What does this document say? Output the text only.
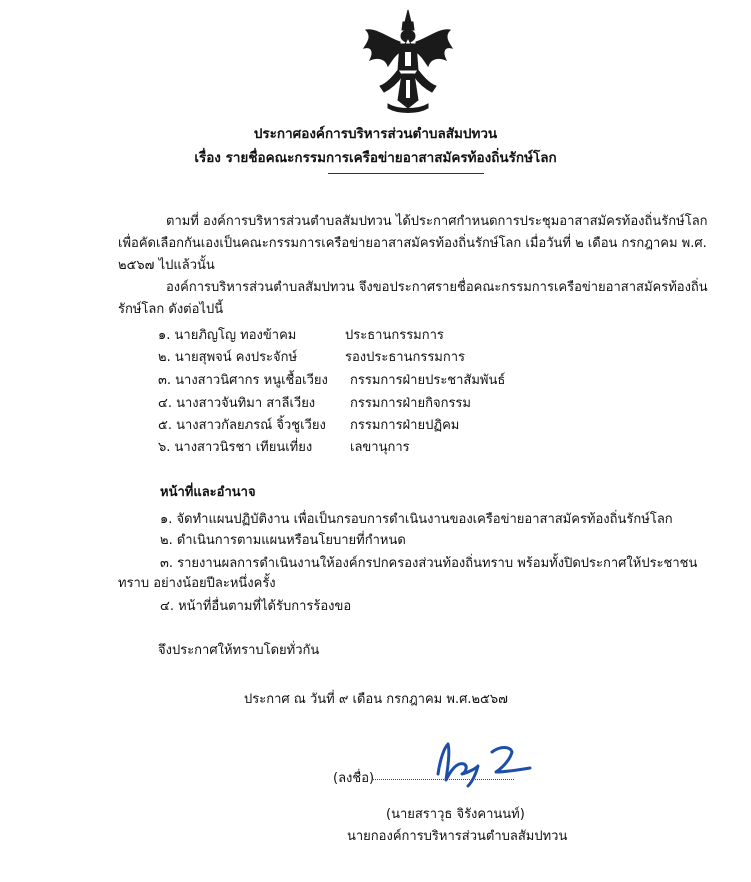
ประกาศองค์การบริหารส่วนตำบลสัมปทวน
เรื่อง รายชื่อคณะกรรมการเครือข่ายอาสาสมัครท้องถิ่นรักษ์โลก
ตามที่ องค์การบริหารส่วนตำบลสัมปทวน ได้ประกาศกำหนดการประชุมอาสาสมัครท้องถิ่นรักษ์โลก
เพื่อคัดเลือกกันเองเป็นคณะกรรมการเครือข่ายอาสาสมัครท้องถิ่นรักษ์โลก เมื่อวันที่ ๒ เดือน กรกฎาคม พ.ศ.
๒๕๖๗ ไปแล้วนั้น
องค์การบริหารส่วนตำบลสัมปทวน จึงขอประกาศรายชื่อคณะกรรมการเครือข่ายอาสาสมัครท้องถิ่น
รักษ์โลก ดังต่อไปนี้
๑. นายภิญโญ ทองข้าคม	ประธานกรรมการ
๒. นายสุพจน์ คงประจักษ์	รองประธานกรรมการ
๓. นางสาวนิศากร หนูเชื้อเวียง กรรมการฝ่ายประชาสัมพันธ์
๔. นางสาวจันทิมา สาลีเวียง	กรรมการฝ่ายกิจกรรม
๕. นางสาวกัลยภรณ์ จิ้วชูเวียง กรรมการฝ่ายปฏิคม
๖. นางสาวนิรชา เทียนเที่ยง	เลขานุการ
หน้าที่และอำนาจ
๑. จัดทำแผนปฏิบัติงาน เพื่อเป็นกรอบการดำเนินงานของเครือข่ายอาสาสมัครท้องถิ่นรักษ์โลก
๒. ดำเนินการตามแผนหรือนโยบายที่กำหนด
๓. รายงานผลการดำเนินงานให้องค์กรปกครองส่วนท้องถิ่นทราบ พร้อมทั้งปิดประกาศให้ประชาชน
ทราบ อย่างน้อยปีละหนึ่งครั้ง
๔. หน้าที่อื่นตามที่ได้รับการร้องขอ
จึงประกาศให้ทราบโดยทั่วกัน
ประกาศ ณ วันที่ ๙ เดือน กรกฎาคม พ.ศ.๒๕๖๗
(ลงชื่อ)
(นายสราวุธ จิรังคานนท์)
นายกองค์การบริหารส่วนตำบลสัมปทวน
